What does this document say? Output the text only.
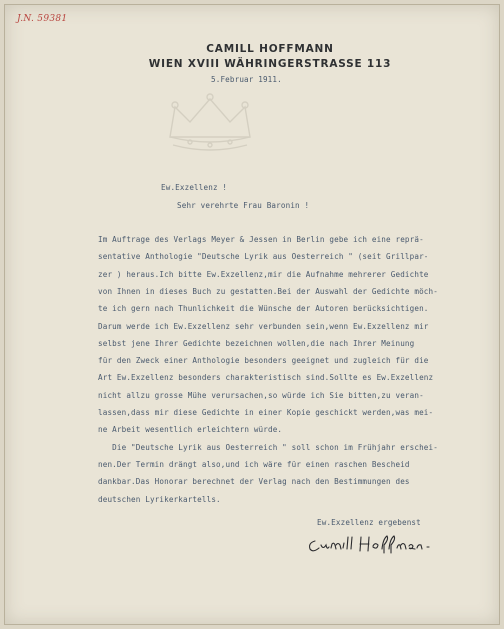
J.N. 59381
CAMILL HOFFMANN
WIEN XVIII WÄHRINGERSTRASSE 113
5.Februar 1911.
Ew.Exzellenz !
Sehr verehrte Frau Baronin !
Im Auftrage des Verlags Meyer & Jessen in Berlin gebe ich eine reprä-
sentative Anthologie "Deutsche Lyrik aus Oesterreich " (seit Grillpar-
zer ) heraus.Ich bitte Ew.Exzellenz,mir die Aufnahme mehrerer Gedichte
von Ihnen in dieses Buch zu gestatten.Bei der Auswahl der Gedichte möch-
te ich gern nach Thunlichkeit die Wünsche der Autoren berücksichtigen.
Darum werde ich Ew.Exzellenz sehr verbunden sein,wenn Ew.Exzellenz mir
selbst jene Ihrer Gedichte bezeichnen wollen,die nach Ihrer Meinung
für den Zweck einer Anthologie besonders geeignet und zugleich für die
Art Ew.Exzellenz besonders charakteristisch sind.Sollte es Ew.Exzellenz
nicht allzu grosse Mühe verursachen,so würde ich Sie bitten,zu veran-
lassen,dass mir diese Gedichte in einer Kopie geschickt werden,was mei-
ne Arbeit wesentlich erleichtern würde.
Die "Deutsche Lyrik aus Oesterreich " soll schon im Frühjahr erschei-
nen.Der Termin drängt also,und ich wäre für einen raschen Bescheid
dankbar.Das Honorar berechnet der Verlag nach den Bestimmungen des
deutschen Lyrikerkartells.
Ew.Exzellenz ergebenst
